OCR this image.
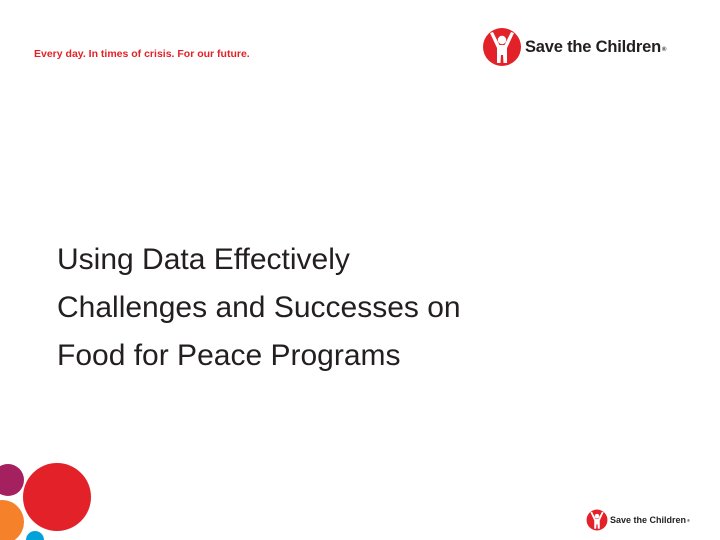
Every day. In times of crisis. For our future.	Save the Children®
Using Data Effectively
Challenges and Successes on
Food for Peace Programs
Save the Children®
